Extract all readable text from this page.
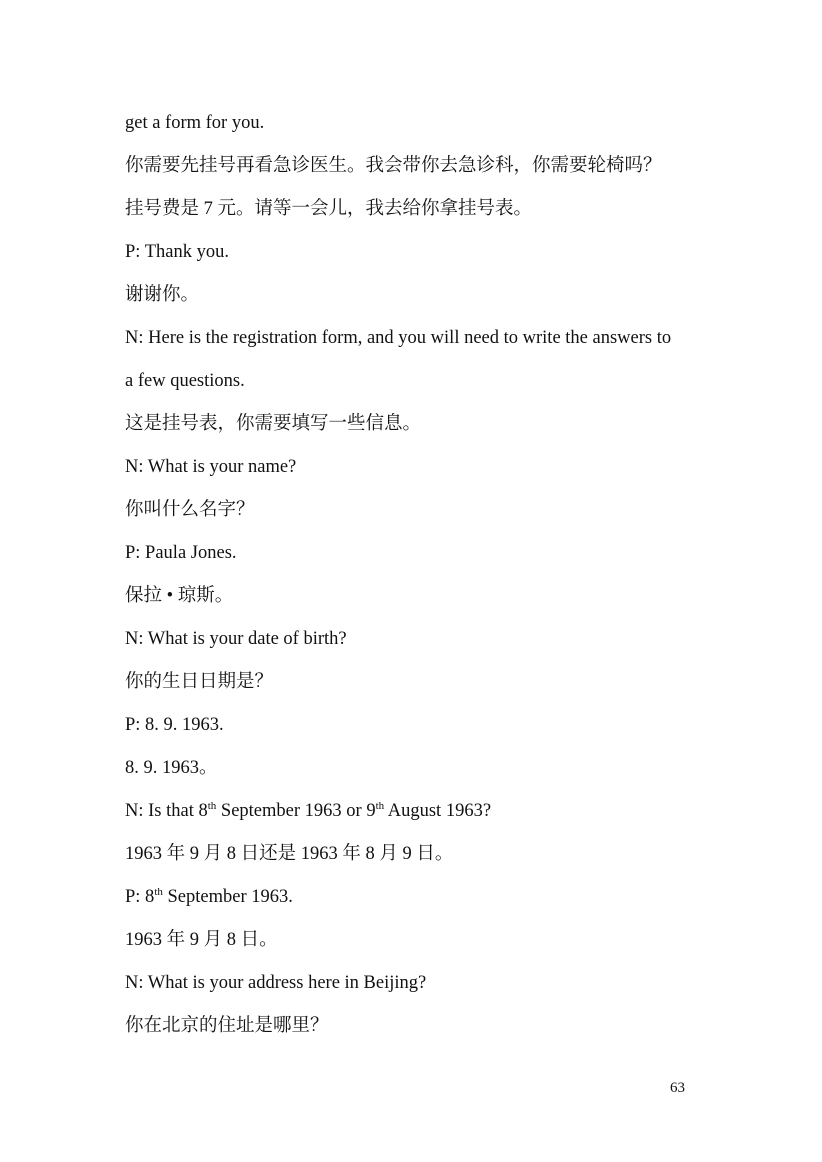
get a form for you.
你需要先挂号再看急诊医生。我会带你去急诊科，你需要轮椅吗？
挂号费是 7 元。请等一会儿，我去给你拿挂号表。
P: Thank you.
谢谢你。
N: Here is the registration form, and you will need to write the answers to
a few questions.
这是挂号表，你需要填写一些信息。
N: What is your name?
你叫什么名字？
P: Paula Jones.
保拉 • 琼斯。
N: What is your date of birth?
你的生日日期是？
P: 8. 9. 1963.
8. 9. 1963。
N: Is that 8th September 1963 or 9th August 1963?
1963 年 9 月 8 日还是 1963 年 8 月 9 日。
P: 8th September 1963.
1963 年 9 月 8 日。
N: What is your address here in Beijing?
你在北京的住址是哪里？
63
